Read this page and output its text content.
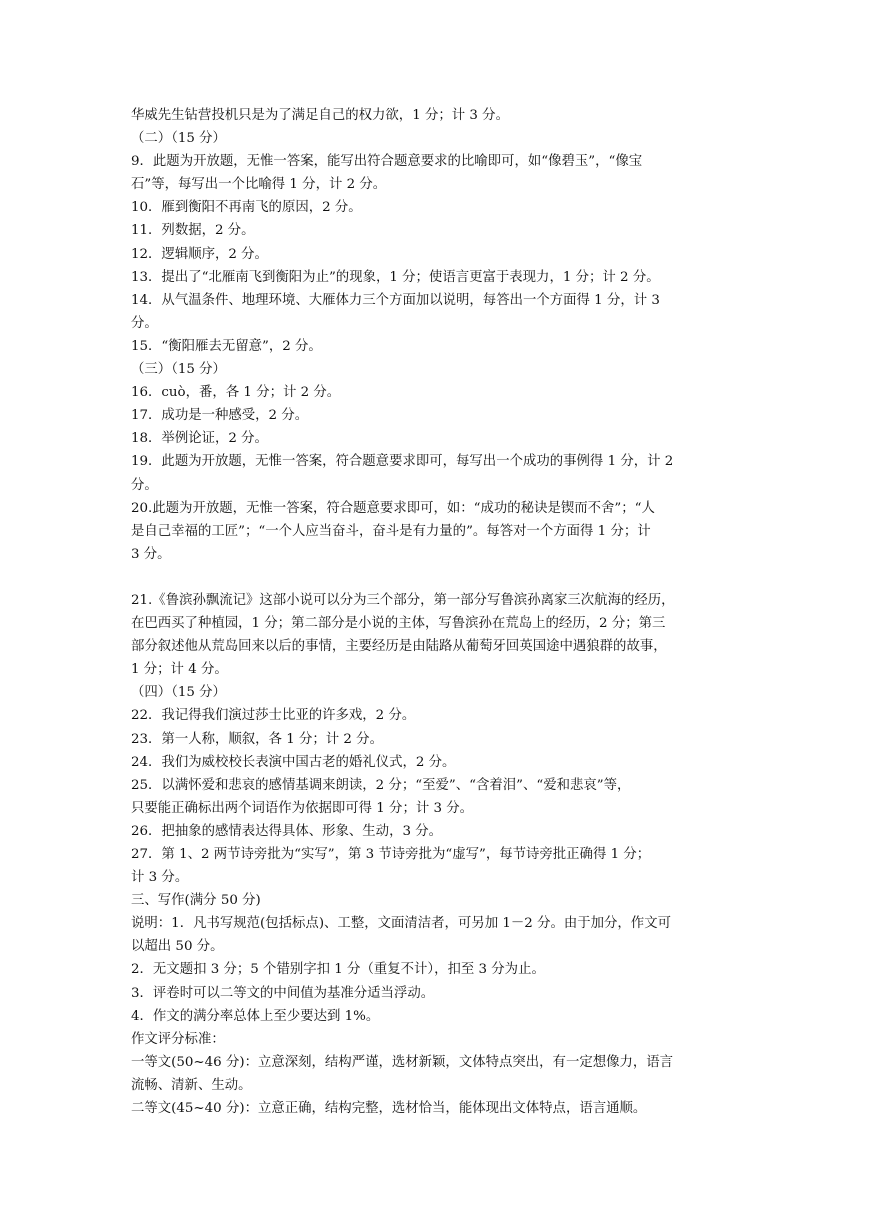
华威先生钻营投机只是为了满足自己的权力欲，1 分；计 3 分。
（二）（15 分）
9．此题为开放题，无惟一答案，能写出符合题意要求的比喻即可，如“像碧玉”，“像宝
石”等，每写出一个比喻得 1 分，计 2 分。
10．雁到衡阳不再南飞的原因，2 分。
11．列数据，2 分。
12．逻辑顺序，2 分。
13．提出了“北雁南飞到衡阳为止”的现象，1 分；使语言更富于表现力，1 分；计 2 分。
14．从气温条件、地理环境、大雁体力三个方面加以说明，每答出一个方面得 1 分，计 3
分。
15．“衡阳雁去无留意”，2 分。
（三）（15 分）
16．cuò，番，各 1 分；计 2 分。
17．成功是一种感受，2 分。
18．举例论证，2 分。
19．此题为开放题，无惟一答案，符合题意要求即可，每写出一个成功的事例得 1 分，计 2
分。
20.此题为开放题，无惟一答案，符合题意要求即可，如：“成功的秘诀是锲而不舍”；“人
是自己幸福的工匠”；“一个人应当奋斗，奋斗是有力量的”。每答对一个方面得 1 分；计
3 分。
21.《鲁滨孙飘流记》这部小说可以分为三个部分，第一部分写鲁滨孙离家三次航海的经历，
在巴西买了种植园，1 分；第二部分是小说的主体，写鲁滨孙在荒岛上的经历，2 分；第三
部分叙述他从荒岛回来以后的事情，主要经历是由陆路从葡萄牙回英国途中遇狼群的故事，
1 分；计 4 分。
（四）（15 分）
22．我记得我们演过莎士比亚的许多戏，2 分。
23．第一人称，顺叙，各 1 分；计 2 分。
24．我们为威校校长表演中国古老的婚礼仪式，2 分。
25．以满怀爱和悲哀的感情基调来朗读，2 分；“至爱”、“含着泪”、“爱和悲哀”等，
只要能正确标出两个词语作为依据即可得 1 分；计 3 分。
26．把抽象的感情表达得具体、形象、生动，3 分。
27．第 1、2 两节诗旁批为“实写”，第 3 节诗旁批为“虚写”，每节诗旁批正确得 1 分；
计 3 分。
三、写作(满分 50 分)
说明：1．凡书写规范(包括标点)、工整，文面清洁者，可另加 1－2 分。由于加分，作文可
以超出 50 分。
2．无文题扣 3 分；5 个错别字扣 1 分（重复不计），扣至 3 分为止。
3．评卷时可以二等文的中间值为基准分适当浮动。
4．作文的满分率总体上至少要达到 1%。
作文评分标准：
一等文(50~46 分)：立意深刻，结构严谨，选材新颖，文体特点突出，有一定想像力，语言
流畅、清新、生动。
二等文(45~40 分)：立意正确，结构完整，选材恰当，能体现出文体特点，语言通顺。
